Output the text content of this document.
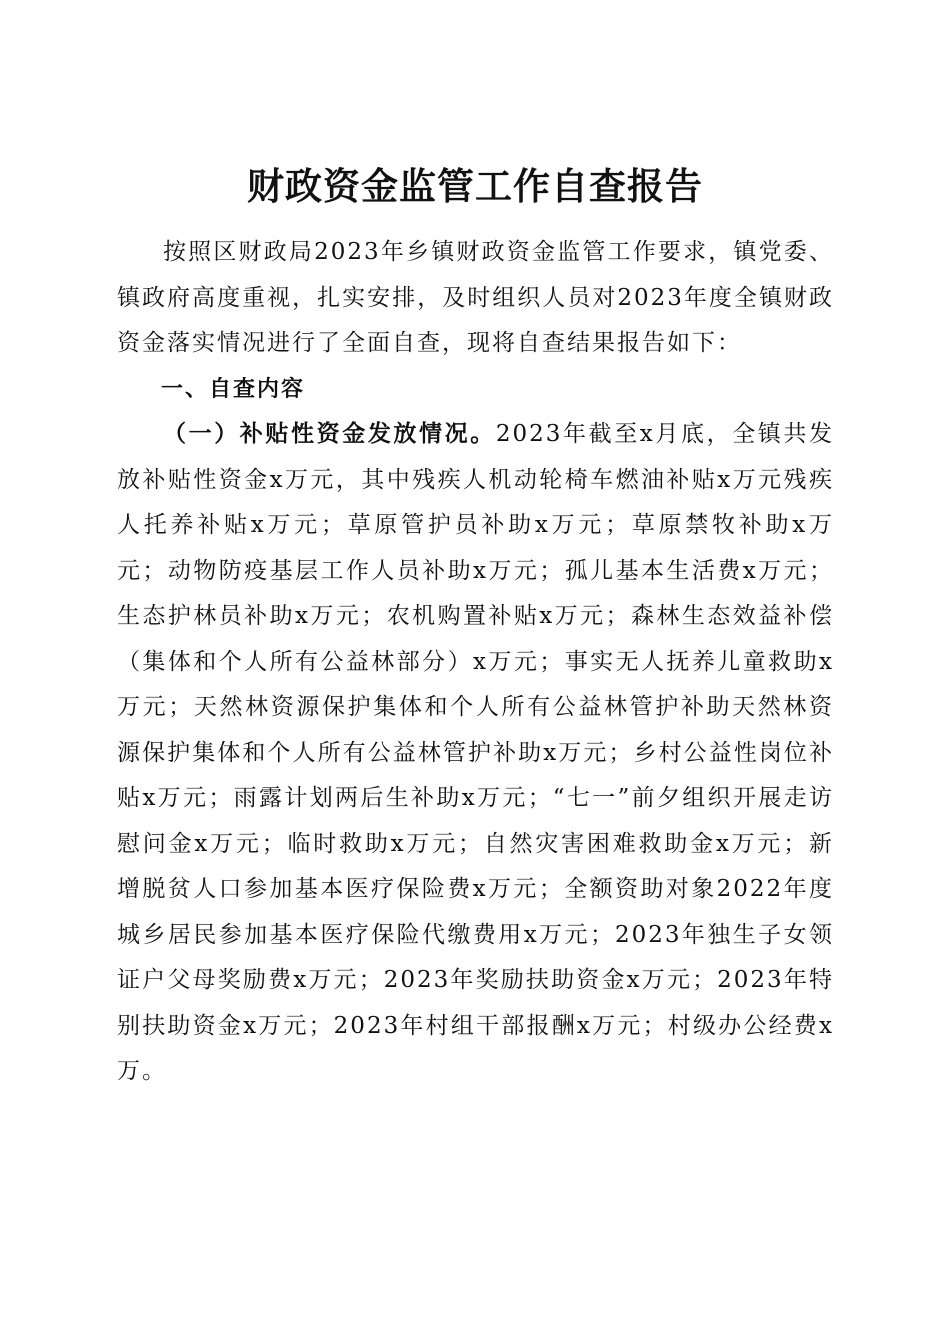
财政资金监管工作自查报告

按照区财政局2023年乡镇财政资金监管工作要求，镇党委、镇政府高度重视，扎实安排，及时组织人员对2023年度全镇财政资金落实情况进行了全面自查，现将自查结果报告如下：

一、自查内容

（一）补贴性资金发放情况。2023年截至x月底，全镇共发放补贴性资金x万元，其中残疾人机动轮椅车燃油补贴x万元残疾人托养补贴x万元；草原管护员补助x万元；草原禁牧补助x万元；动物防疫基层工作人员补助x万元；孤儿基本生活费x万元；生态护林员补助x万元；农机购置补贴x万元；森林生态效益补偿（集体和个人所有公益林部分）x万元；事实无人抚养儿童救助x万元；天然林资源保护集体和个人所有公益林管护补助天然林资源保护集体和个人所有公益林管护补助x万元；乡村公益性岗位补贴x万元；雨露计划两后生补助x万元；“七一”前夕组织开展走访慰问金x万元；临时救助x万元；自然灾害困难救助金x万元；新增脱贫人口参加基本医疗保险费x万元；全额资助对象2022年度城乡居民参加基本医疗保险代缴费用x万元；2023年独生子女领证户父母奖励费x万元；2023年奖励扶助资金x万元；2023年特别扶助资金x万元；2023年村组干部报酬x万元；村级办公经费x万。
